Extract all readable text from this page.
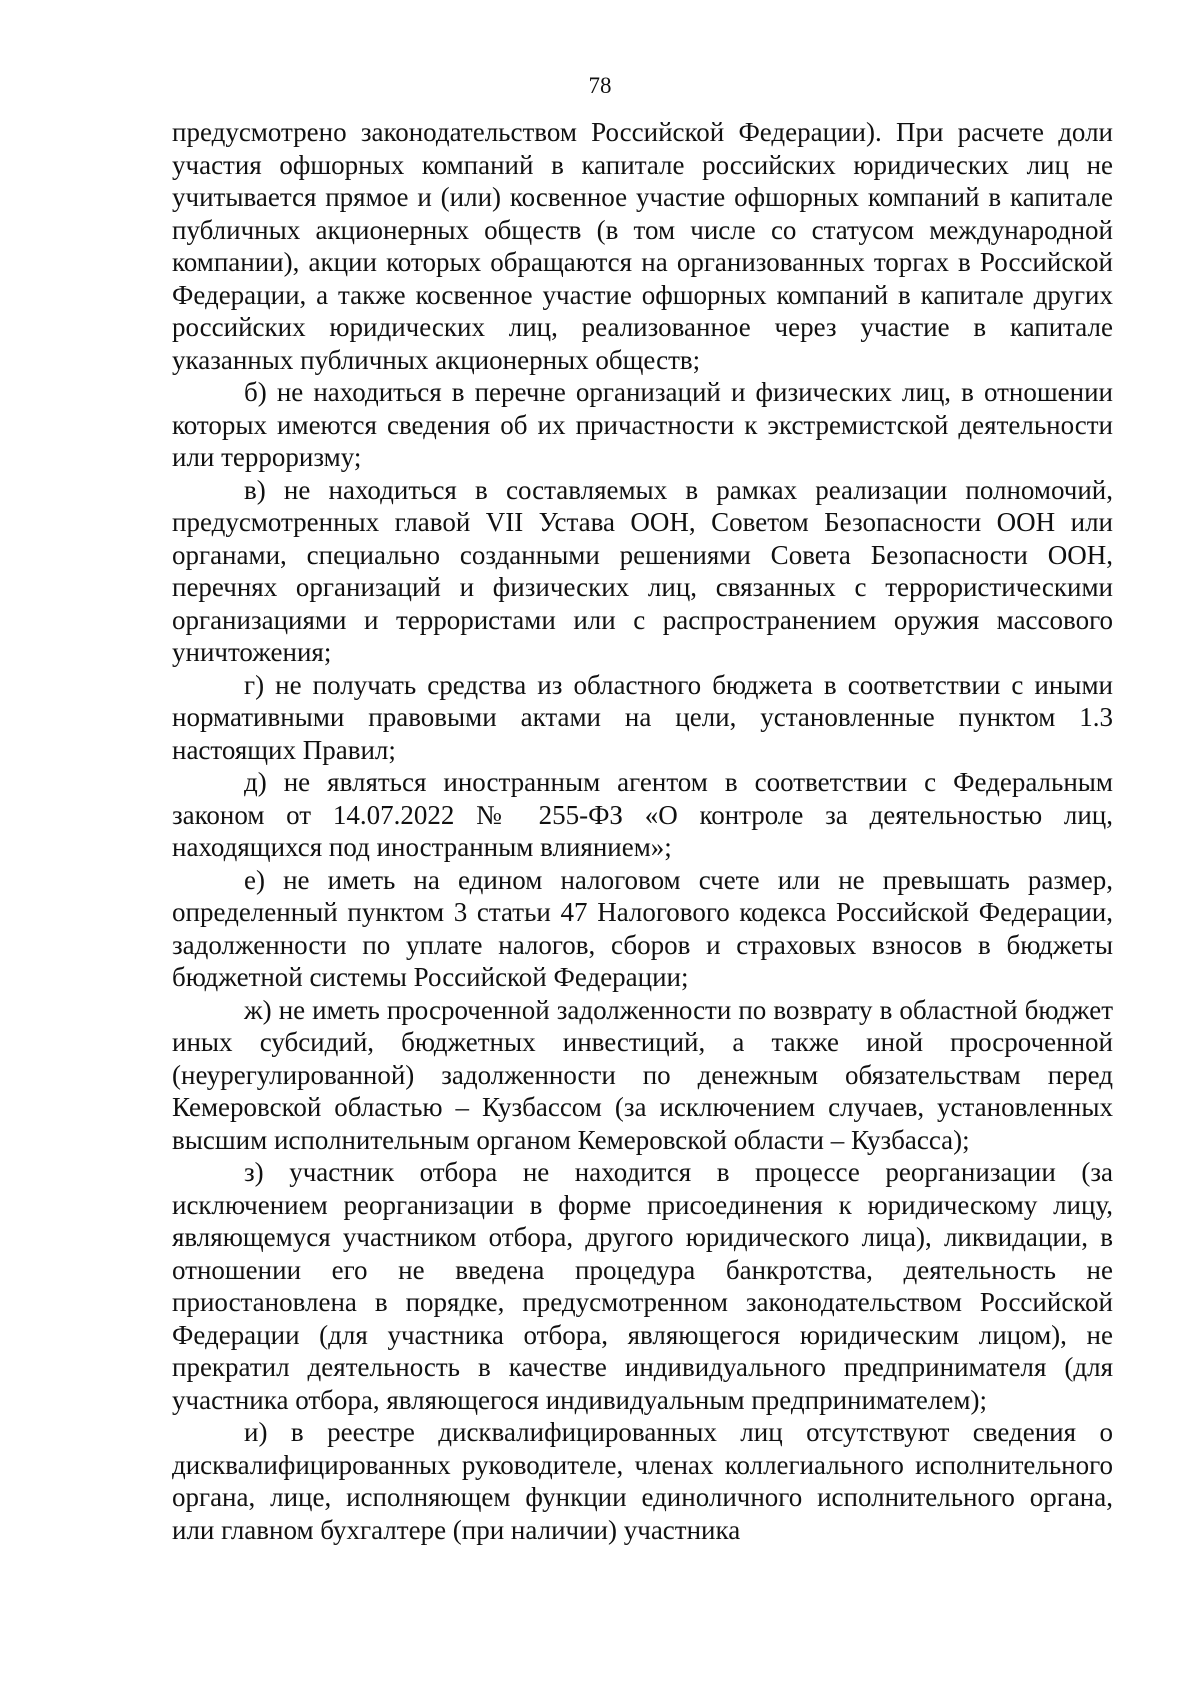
78

предусмотрено законодательством Российской Федерации). При расчете доли участия офшорных компаний в капитале российских юридических лиц не учитывается прямое и (или) косвенное участие офшорных компаний в капитале публичных акционерных обществ (в том числе со статусом международной компании), акции которых обращаются на организованных торгах в Российской Федерации, а также косвенное участие офшорных компаний в капитале других российских юридических лиц, реализованное через участие в капитале указанных публичных акционерных обществ;

б) не находиться в перечне организаций и физических лиц, в отношении которых имеются сведения об их причастности к экстремистской деятельности или терроризму;

в) не находиться в составляемых в рамках реализации полномочий, предусмотренных главой VII Устава ООН, Советом Безопасности ООН или органами, специально созданными решениями Совета Безопасности ООН, перечнях организаций и физических лиц, связанных с террористическими организациями и террористами или с распространением оружия массового уничтожения;

г) не получать средства из областного бюджета в соответствии с иными нормативными правовыми актами на цели, установленные пунктом 1.3 настоящих Правил;

д) не являться иностранным агентом в соответствии с Федеральным законом от 14.07.2022 № 255-ФЗ «О контроле за деятельностью лиц, находящихся под иностранным влиянием»;

е) не иметь на едином налоговом счете или не превышать размер, определенный пунктом 3 статьи 47 Налогового кодекса Российской Федерации, задолженности по уплате налогов, сборов и страховых взносов в бюджеты бюджетной системы Российской Федерации;

ж) не иметь просроченной задолженности по возврату в областной бюджет иных субсидий, бюджетных инвестиций, а также иной просроченной (неурегулированной) задолженности по денежным обязательствам перед Кемеровской областью – Кузбассом (за исключением случаев, установленных высшим исполнительным органом Кемеровской области – Кузбасса);

з) участник отбора не находится в процессе реорганизации (за исключением реорганизации в форме присоединения к юридическому лицу, являющемуся участником отбора, другого юридического лица), ликвидации, в отношении его не введена процедура банкротства, деятельность не приостановлена в порядке, предусмотренном законодательством Российской Федерации (для участника отбора, являющегося юридическим лицом), не прекратил деятельность в качестве индивидуального предпринимателя (для участника отбора, являющегося индивидуальным предпринимателем);

и) в реестре дисквалифицированных лиц отсутствуют сведения о дисквалифицированных руководителе, членах коллегиального исполнительного органа, лице, исполняющем функции единоличного исполнительного органа, или главном бухгалтере (при наличии) участника
